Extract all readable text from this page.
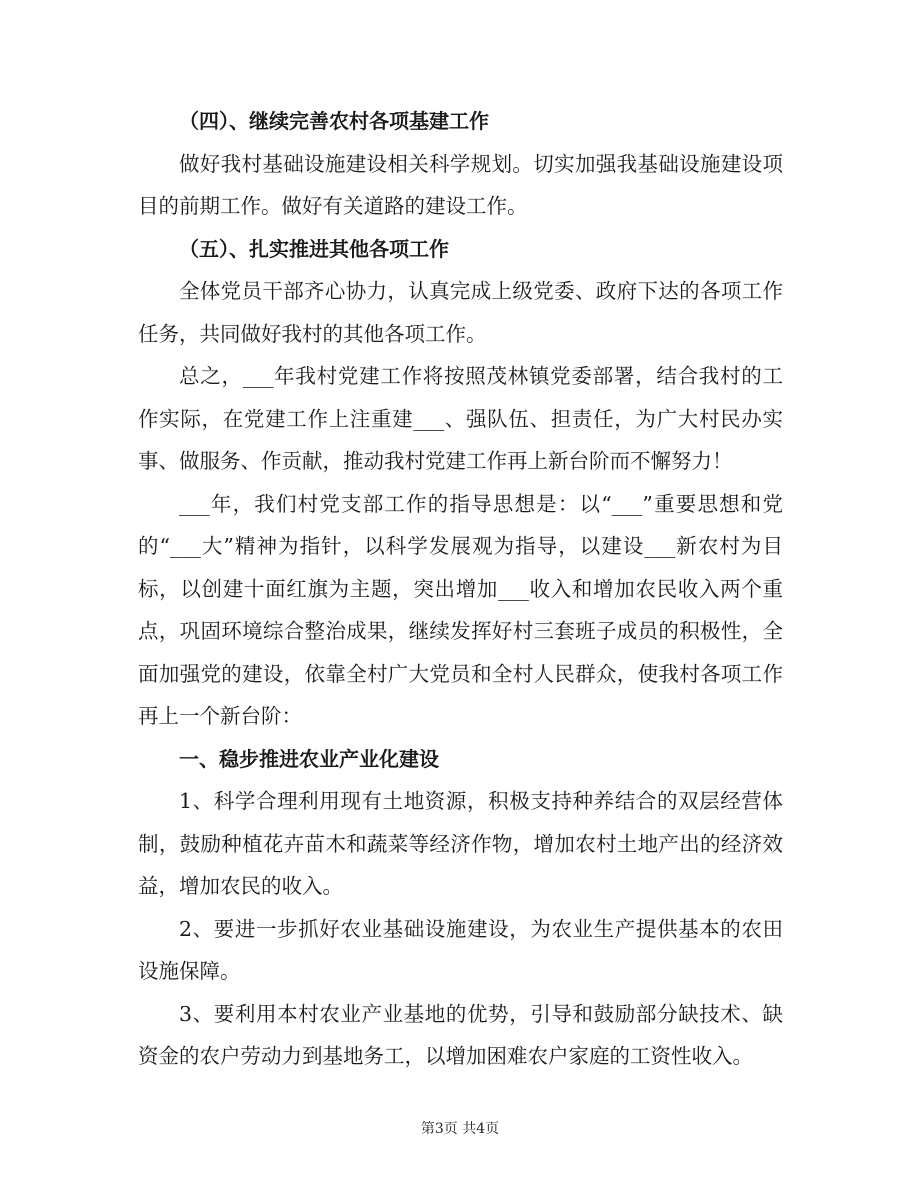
（四）、继续完善农村各项基建工作

做好我村基础设施建设相关科学规划。切实加强我基础设施建设项目的前期工作。做好有关道路的建设工作。

（五）、扎实推进其他各项工作

全体党员干部齐心协力，认真完成上级党委、政府下达的各项工作任务，共同做好我村的其他各项工作。

总之，___年我村党建工作将按照茂林镇党委部署，结合我村的工作实际，在党建工作上注重建___、强队伍、担责任，为广大村民办实事、做服务、作贡献，推动我村党建工作再上新台阶而不懈努力！

___年，我们村党支部工作的指导思想是：以“___”重要思想和党的“___大”精神为指针，以科学发展观为指导，以建设___新农村为目标，以创建十面红旗为主题，突出增加___收入和增加农民收入两个重点，巩固环境综合整治成果，继续发挥好村三套班子成员的积极性，全面加强党的建设，依靠全村广大党员和全村人民群众，使我村各项工作再上一个新台阶：

一、稳步推进农业产业化建设

1、科学合理利用现有土地资源，积极支持种养结合的双层经营体制，鼓励种植花卉苗木和蔬菜等经济作物，增加农村土地产出的经济效益，增加农民的收入。

2、要进一步抓好农业基础设施建设，为农业生产提供基本的农田设施保障。

3、要利用本村农业产业基地的优势，引导和鼓励部分缺技术、缺资金的农户劳动力到基地务工，以增加困难农户家庭的工资性收入。

第3页 共4页
